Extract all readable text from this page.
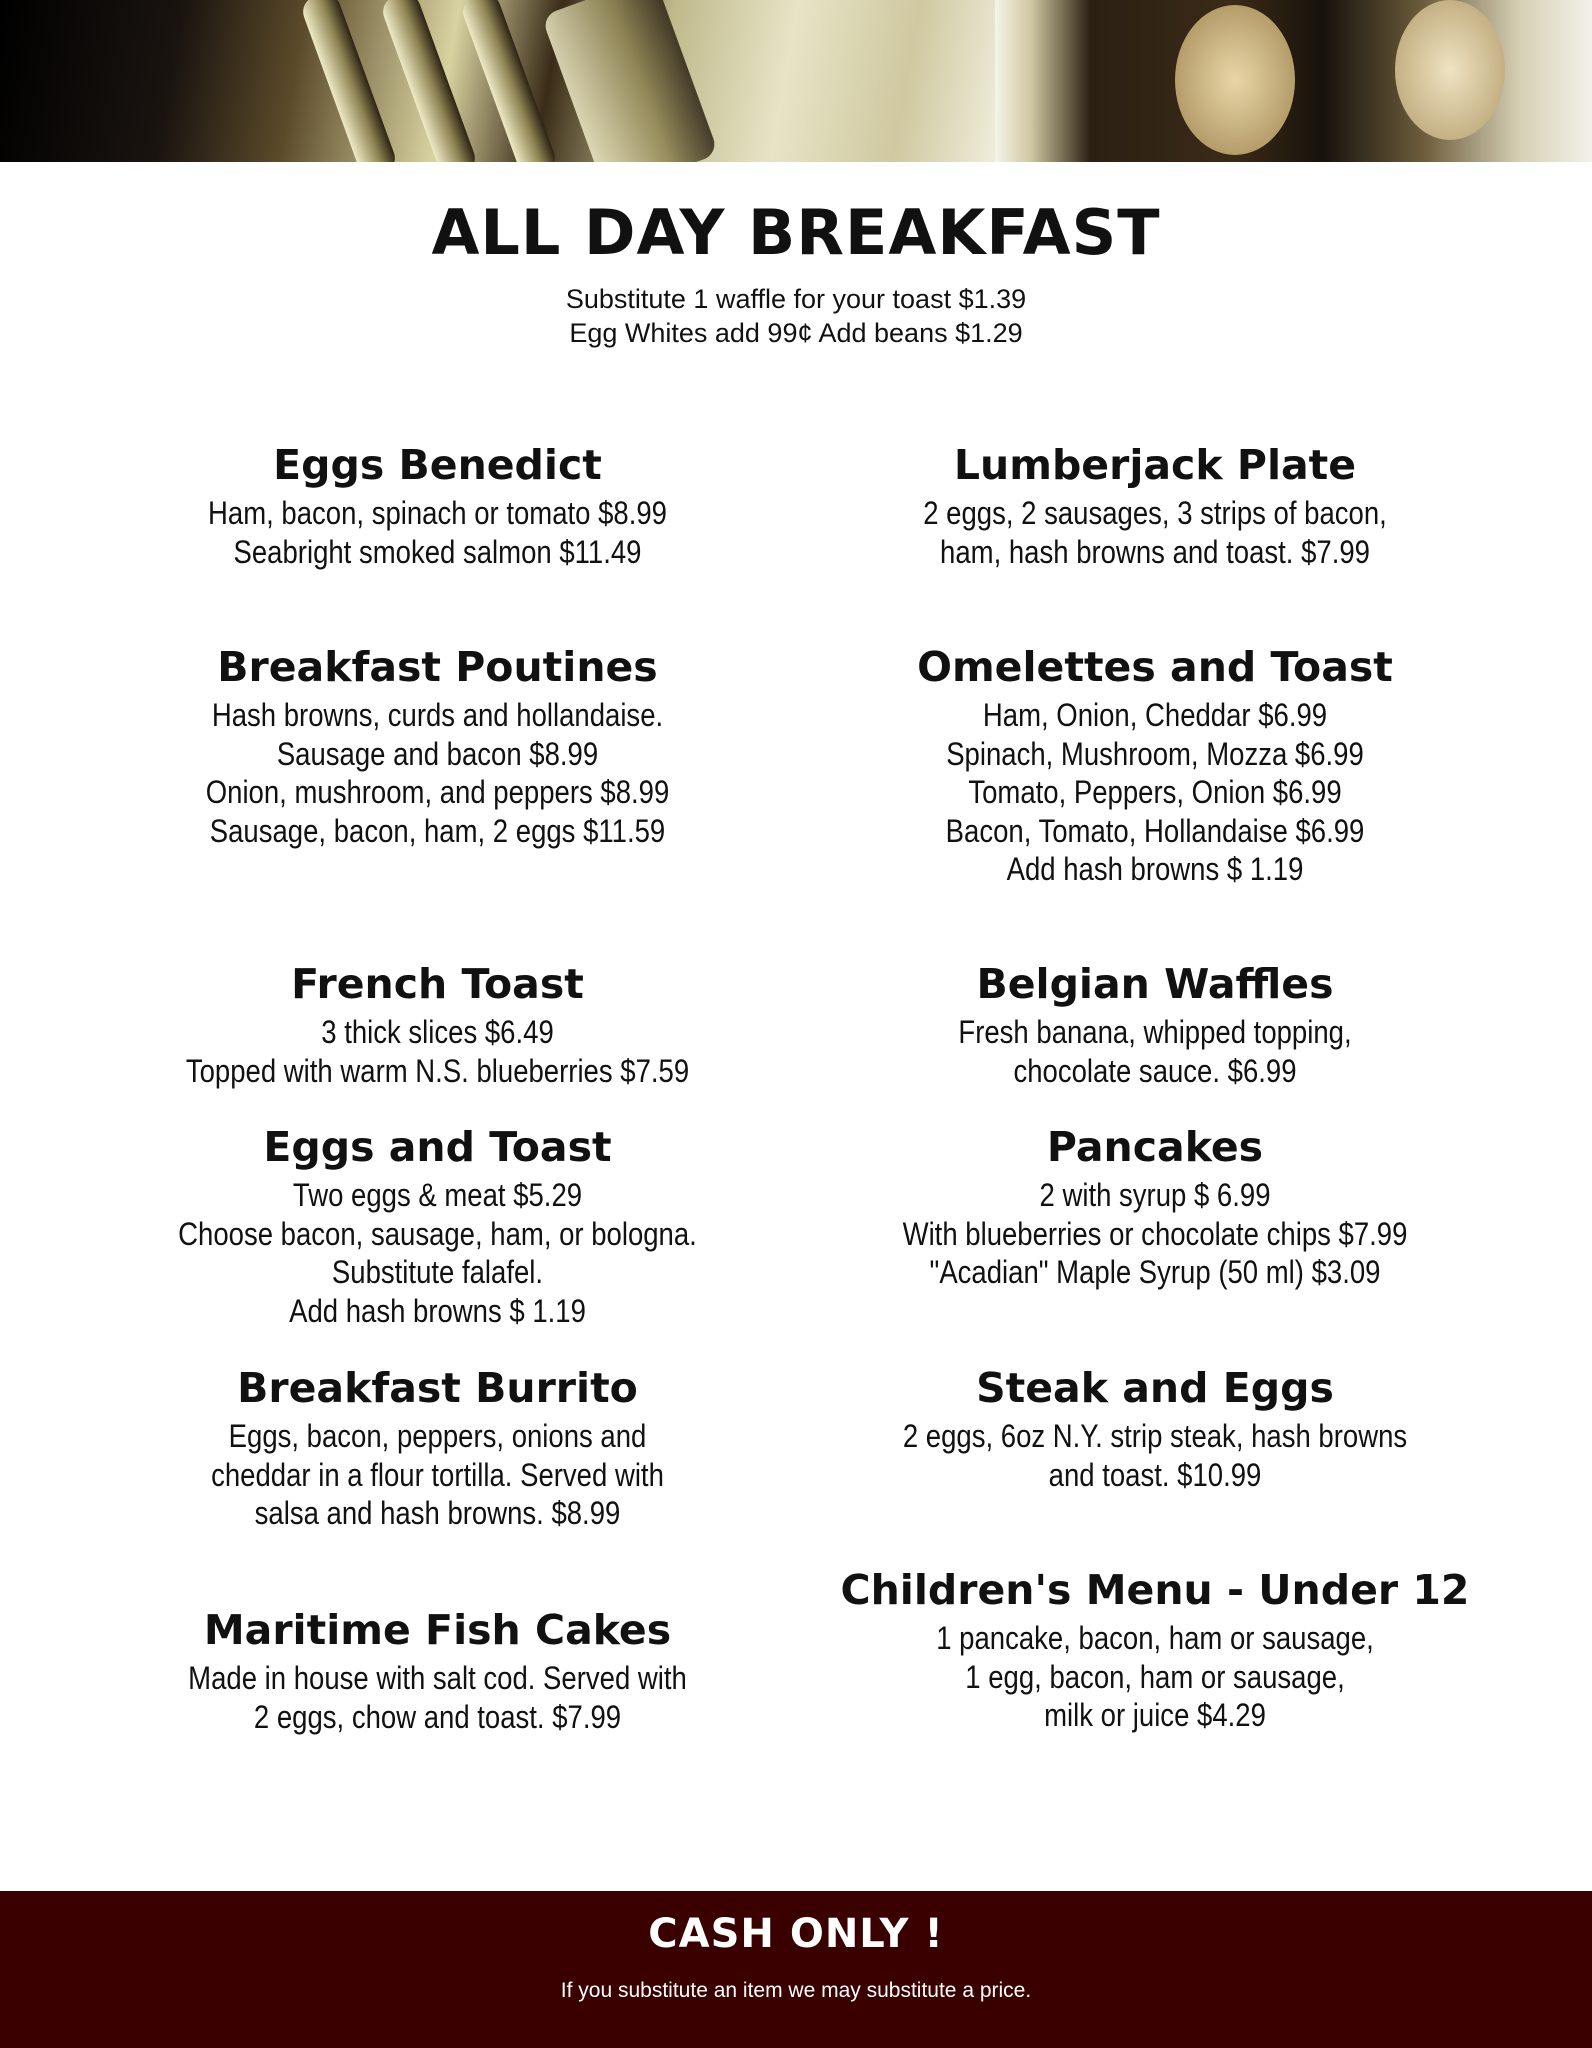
ALL DAY BREAKFAST
Substitute 1 waffle for your toast $1.39
Egg Whites add 99¢ Add beans $1.29
Eggs Benedict
Ham, bacon, spinach or tomato $8.99
Seabright smoked salmon $11.49
Lumberjack Plate
2 eggs, 2 sausages, 3 strips of bacon,
ham, hash browns and toast. $7.99
Breakfast Poutines
Hash browns, curds and hollandaise.
Sausage and bacon $8.99
Onion, mushroom, and peppers $8.99
Sausage, bacon, ham, 2 eggs $11.59
Omelettes and Toast
Ham, Onion, Cheddar $6.99
Spinach, Mushroom, Mozza $6.99
Tomato, Peppers, Onion $6.99
Bacon, Tomato, Hollandaise $6.99
Add hash browns $ 1.19
French Toast
3 thick slices $6.49
Topped with warm N.S. blueberries $7.59
Belgian Waffles
Fresh banana, whipped topping,
chocolate sauce. $6.99
Eggs and Toast
Two eggs & meat $5.29
Choose bacon, sausage, ham, or bologna.
Substitute falafel.
Add hash browns $ 1.19
Pancakes
2 with syrup $ 6.99
With blueberries or chocolate chips $7.99
"Acadian" Maple Syrup (50 ml) $3.09
Breakfast Burrito
Eggs, bacon, peppers, onions and
cheddar in a flour tortilla. Served with
salsa and hash browns. $8.99
Steak and Eggs
2 eggs, 6oz N.Y. strip steak, hash browns
and toast. $10.99
Maritime Fish Cakes
Made in house with salt cod. Served with
2 eggs, chow and toast. $7.99
Children's Menu - Under 12
1 pancake, bacon, ham or sausage,
1 egg, bacon, ham or sausage,
milk or juice $4.29
CASH ONLY !
If you substitute an item we may substitute a price.
